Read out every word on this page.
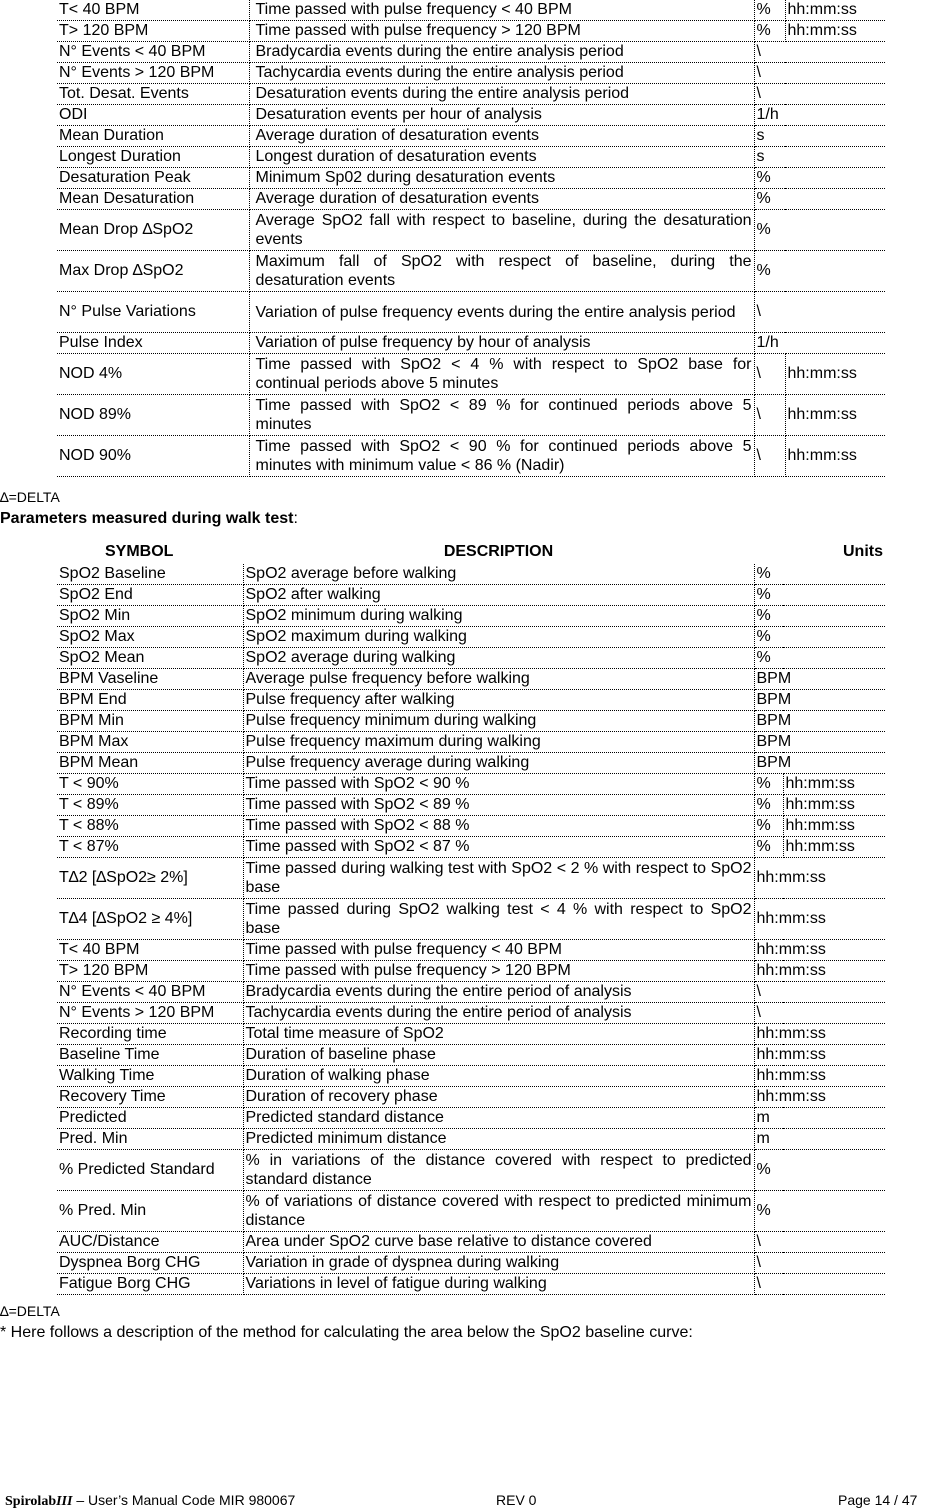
T< 40 BPM	Time passed with pulse frequency < 40 BPM	%	hh:mm:ss
T> 120 BPM	Time passed with pulse frequency > 120 BPM	%	hh:mm:ss
N° Events < 40 BPM	Bradycardia events during the entire analysis period	\	
N° Events > 120 BPM	Tachycardia events during the entire analysis period	\	
Tot. Desat. Events	Desaturation events during the entire analysis period	\	
ODI	Desaturation events per hour of analysis	1/h	
Mean Duration	Average duration of desaturation events	s	
Longest Duration	Longest duration of desaturation events	s	
Desaturation Peak	Minimum Sp02 during desaturation events	%	
Mean Desaturation	Average duration of desaturation events	%	
Mean Drop ∆SpO2	Average SpO2 fall with respect to baseline, during the desaturation events	%	
Max Drop ∆SpO2	Maximum fall of SpO2 with respect of baseline, during the desaturation events	%	
N° Pulse Variations	Variation of pulse frequency events during the entire analysis period	\	
Pulse Index	Variation of pulse frequency by hour of analysis	1/h	
NOD 4%	Time passed with SpO2 < 4 % with respect to SpO2 base for continual periods above 5 minutes	\	hh:mm:ss
NOD 89%	Time passed with SpO2 < 89 % for continued periods above 5 minutes	\	hh:mm:ss
NOD 90%	Time passed with SpO2 < 90 % for continued periods above 5 minutes with minimum value < 86 % (Nadir)	\	hh:mm:ss
∆=DELTA
Parameters measured during walk test:
SYMBOL	DESCRIPTION	Units	
SpO2 Baseline	SpO2 average before walking	%	
SpO2 End	SpO2 after walking	%	
SpO2 Min	SpO2 minimum during walking	%	
SpO2 Max	SpO2 maximum during walking	%	
SpO2 Mean	SpO2 average during walking	%	
BPM Vaseline	Average pulse frequency before walking	BPM	
BPM End	Pulse frequency after walking	BPM	
BPM Min	Pulse frequency minimum during walking	BPM	
BPM Max	Pulse frequency maximum during walking	BPM	
BPM Mean	Pulse frequency average during walking	BPM	
T < 90%	Time passed with SpO2 < 90 %	%	hh:mm:ss
T < 89%	Time passed with SpO2 < 89 %	%	hh:mm:ss
T < 88%	Time passed with SpO2 < 88 %	%	hh:mm:ss
T < 87%	Time passed with SpO2 < 87 %	%	hh:mm:ss
T∆2 [∆SpO2≥ 2%]	Time passed during walking test with SpO2 < 2 % with respect to SpO2 base	hh:mm:ss	
T∆4 [∆SpO2 ≥ 4%]	Time passed during SpO2 walking test < 4 % with respect to SpO2 base	hh:mm:ss	
T< 40 BPM	Time passed with pulse frequency < 40 BPM	hh:mm:ss	
T> 120 BPM	Time passed with pulse frequency > 120 BPM	hh:mm:ss	
N° Events < 40 BPM	Bradycardia events during the entire period of analysis	\	
N° Events > 120 BPM	Tachycardia events during the entire period of analysis	\	
Recording time	Total time measure of SpO2	hh:mm:ss	
Baseline Time	Duration of baseline phase	hh:mm:ss	
Walking Time	Duration of walking phase	hh:mm:ss	
Recovery Time	Duration of recovery phase	hh:mm:ss	
Predicted	Predicted standard distance	m	
Pred. Min	Predicted minimum distance	m	
% Predicted Standard	% in variations of the distance covered with respect to predicted standard distance	%	
% Pred. Min	% of variations of distance covered with respect to predicted minimum distance	%	
AUC/Distance	Area under SpO2 curve base relative to distance covered	\	
Dyspnea Borg CHG	Variation in grade of dyspnea during walking	\	
Fatigue Borg CHG	Variations in level of fatigue during walking	\	
∆=DELTA
* Here follows a description of the method for calculating the area below the SpO2 baseline curve:
SpirolabIII – User’s Manual Code MIR 980067	REV 0	Page 14 / 47
